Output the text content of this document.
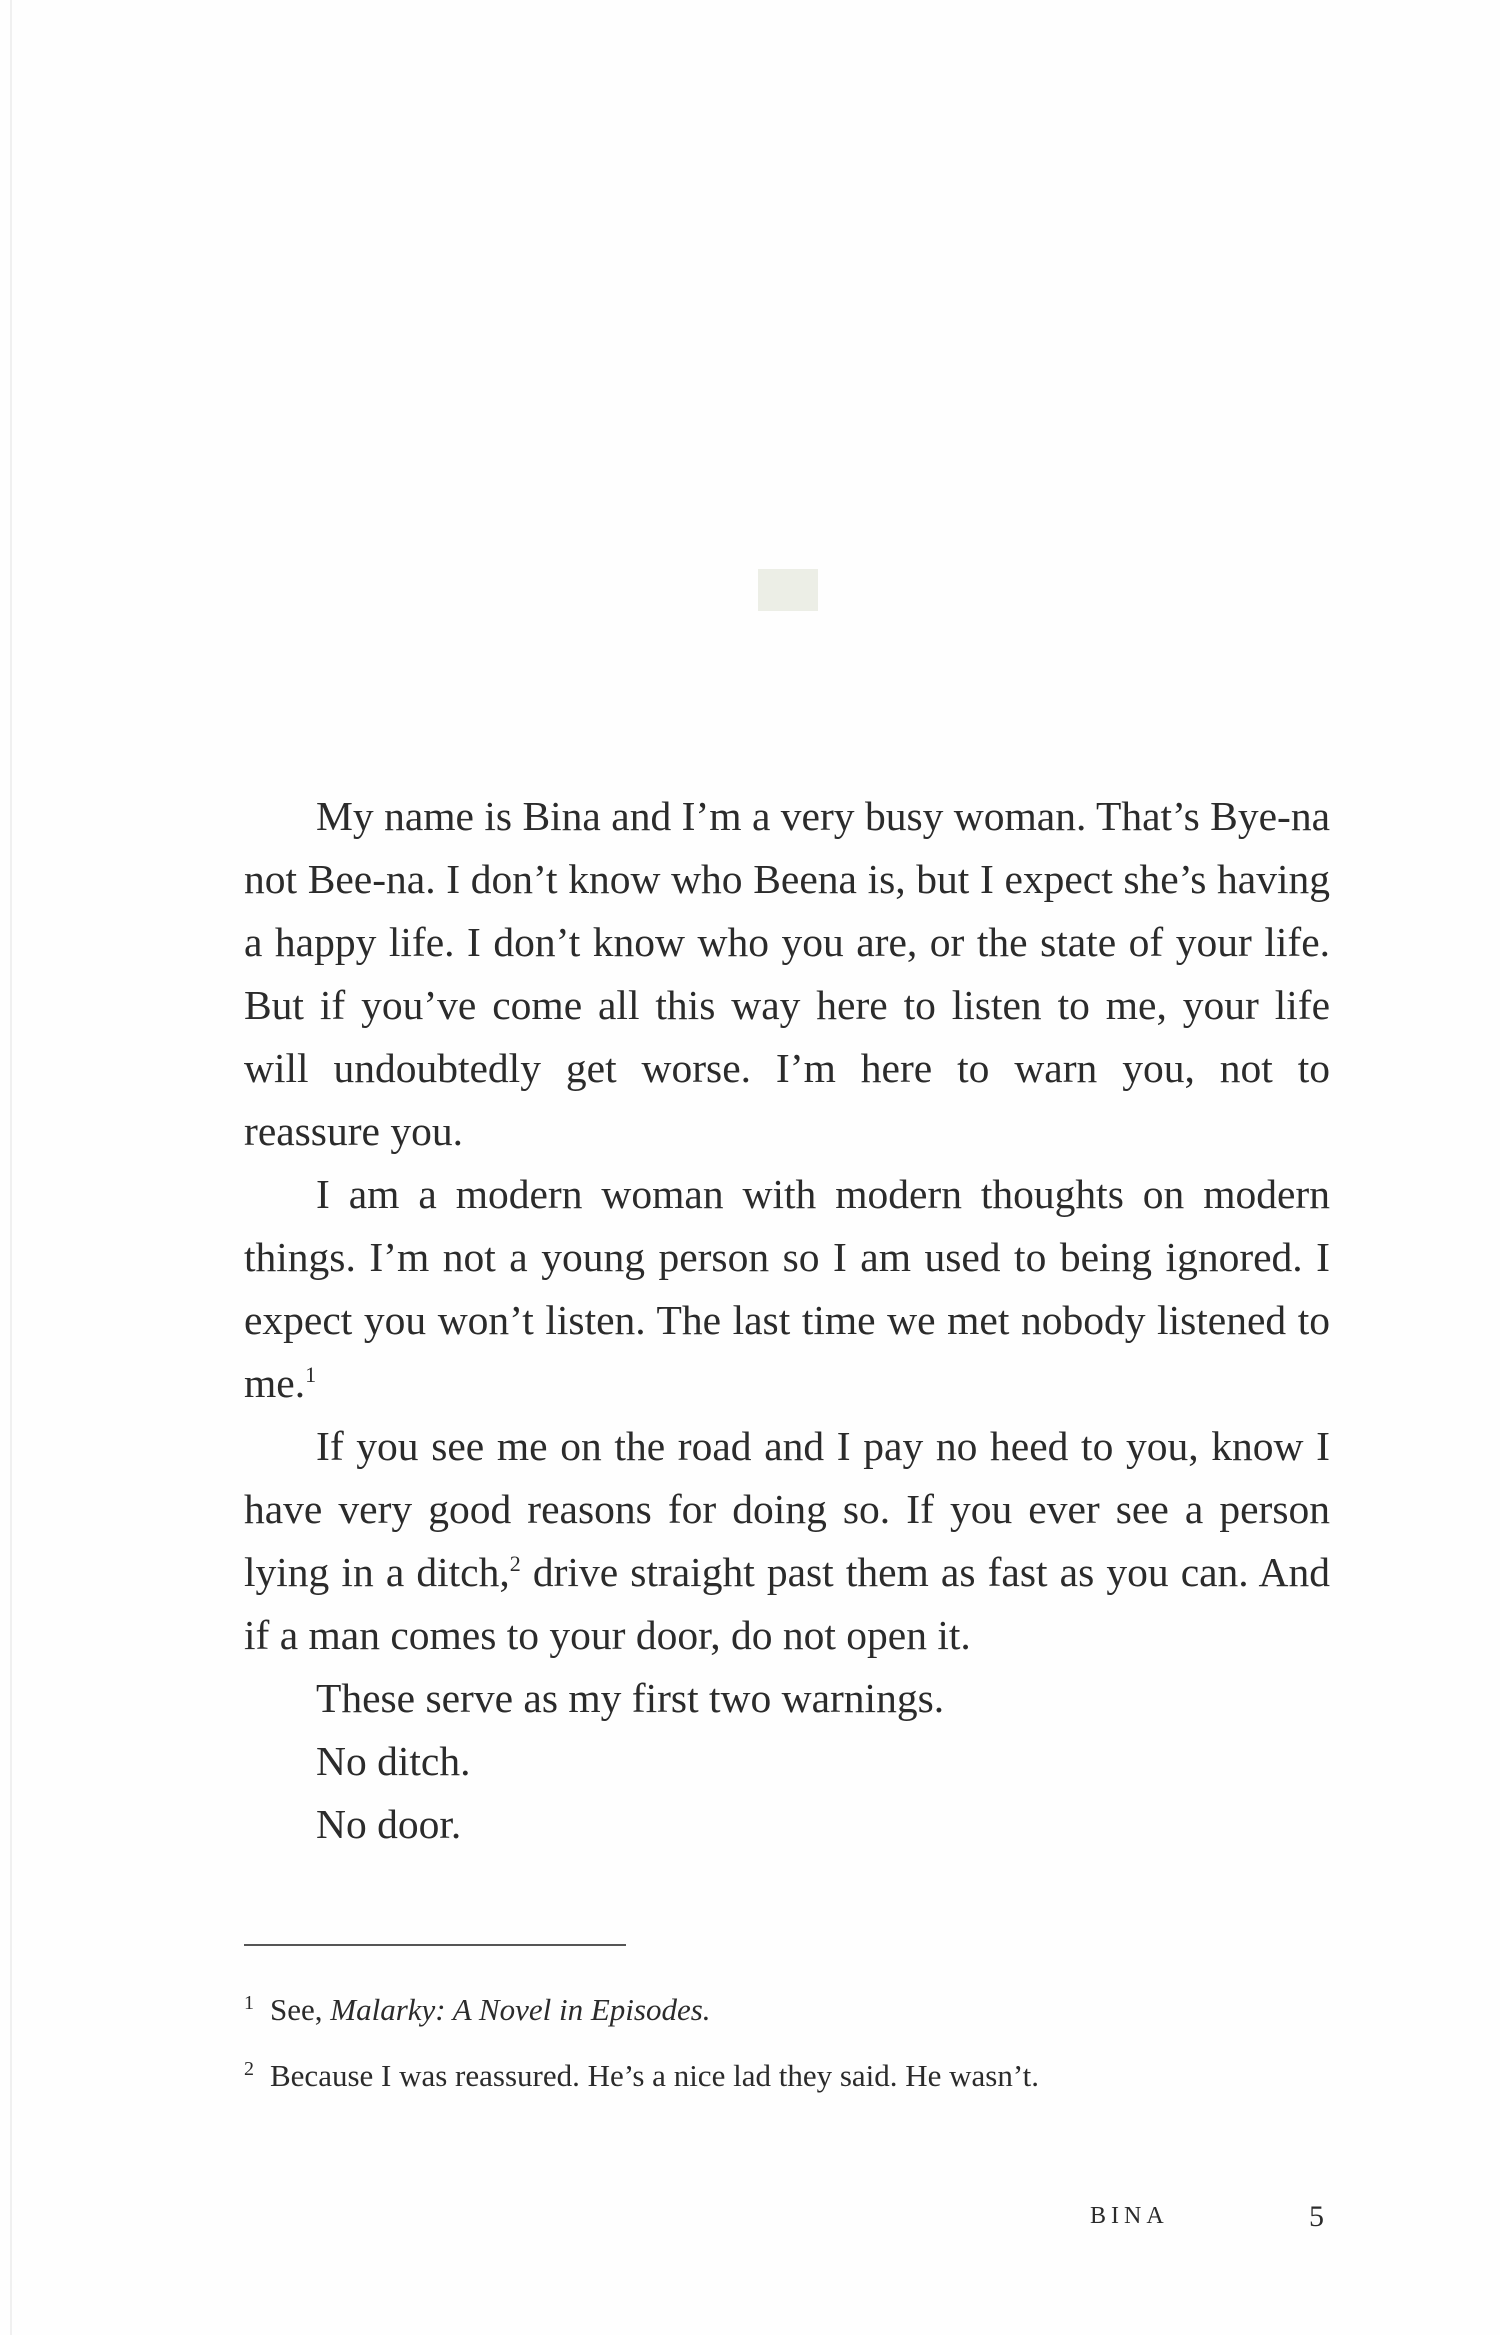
My name is Bina and I’m a very busy woman. That’s Bye-na not Bee-na. I don’t know who Beena is, but I expect she’s having a happy life. I don’t know who you are, or the state of your life. But if you’ve come all this way here to listen to me, your life will undoubtedly get worse. I’m here to warn you, not to reassure you.

I am a modern woman with modern thoughts on modern things. I’m not a young person so I am used to being ignored. I expect you won’t listen. The last time we met nobody listened to me.$^1$

If you see me on the road and I pay no heed to you, know I have very good reasons for doing so. If you ever see a person lying in a ditch,$^2$ drive straight past them as fast as you can. And if a man comes to your door, do not open it.

These serve as my first two warnings.

No ditch.

No door.

1 See, Malarky: A Novel in Episodes.

2 Because I was reassured. He’s a nice lad they said. He wasn’t.

BINA	5
